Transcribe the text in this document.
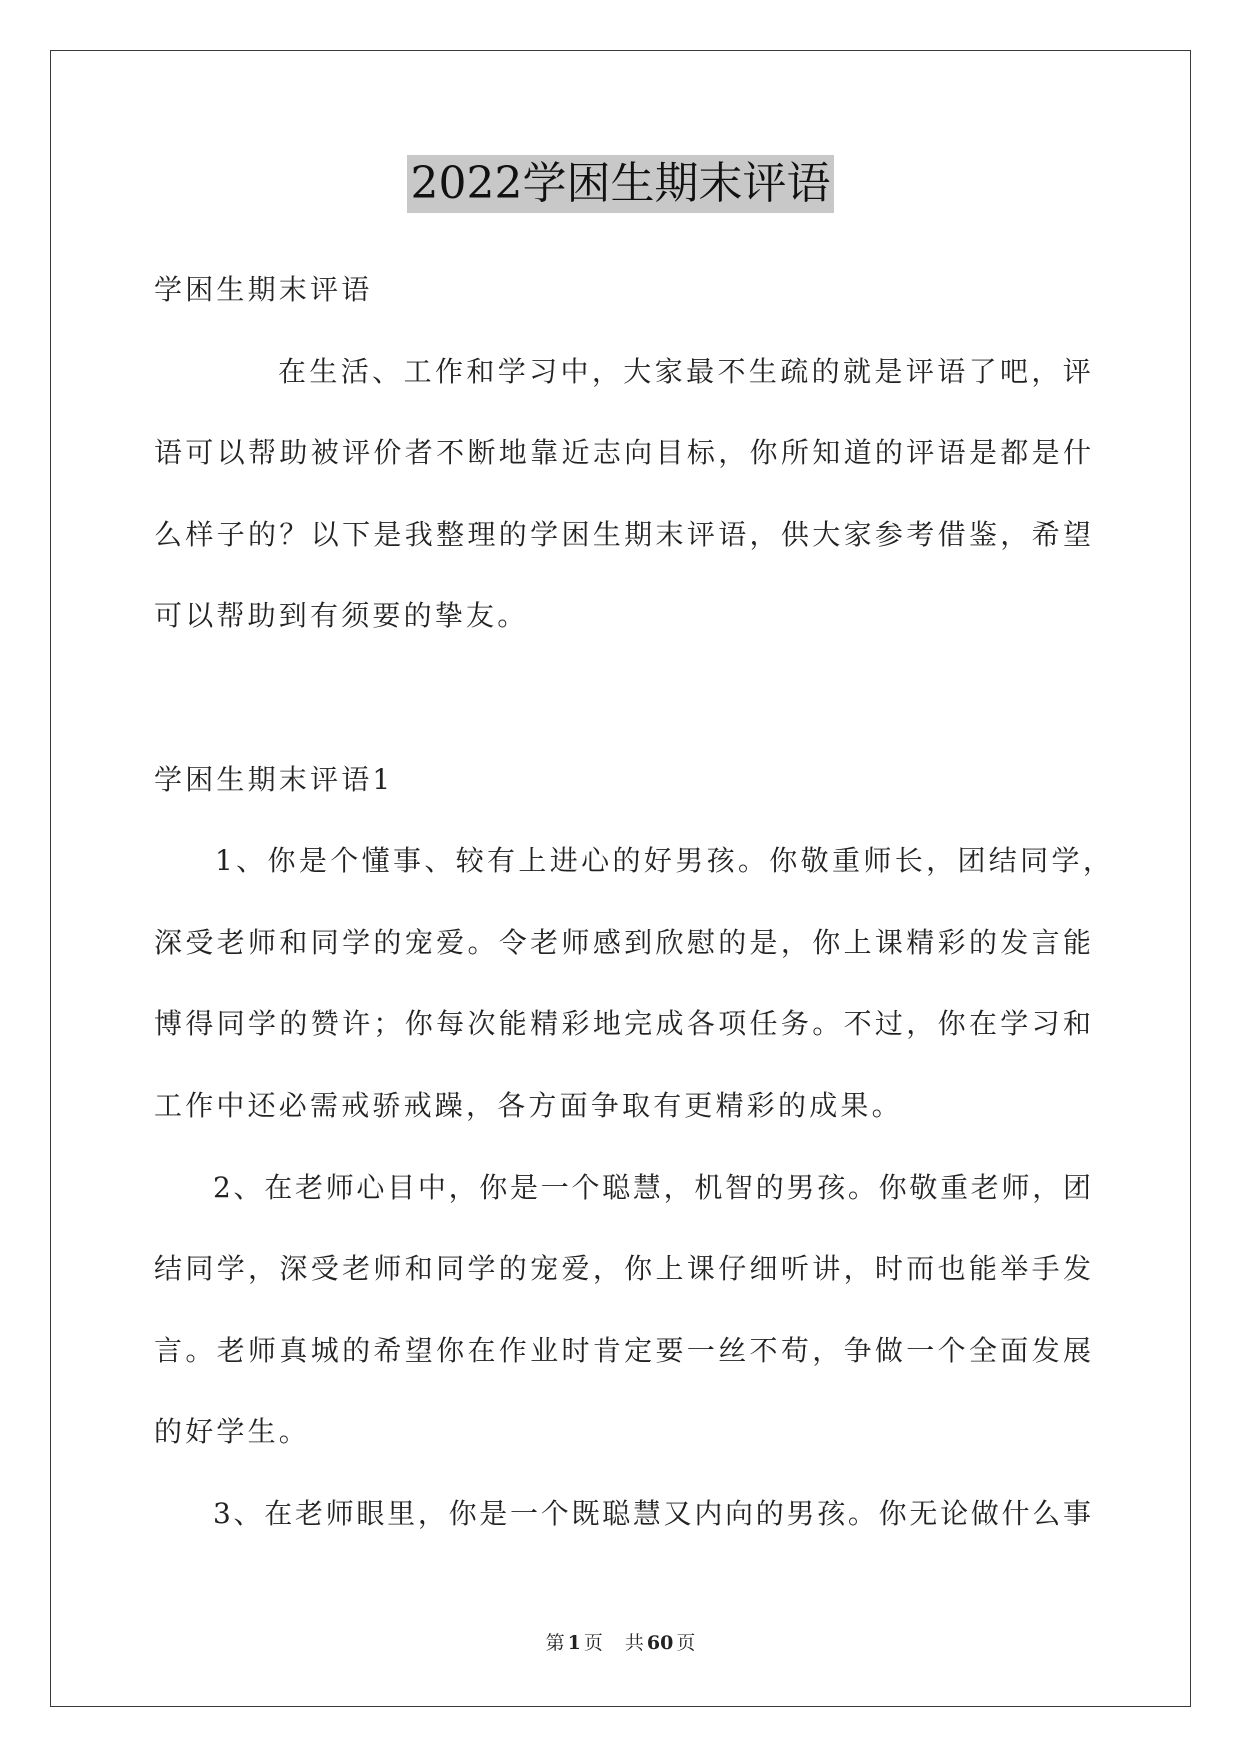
2022学困生期末评语
学困生期末评语
在 生 活 、 工 作 和 学 习 中 ， 大 家 最 不 生 疏 的 就 是 评 语 了 吧 ， 评
语 可 以 帮 助 被 评 价 者 不 断 地 靠 近 志 向 目 标 ， 你 所 知 道 的 评 语 是 都 是 什
么 样 子 的 ？ 以 下 是 我 整 理 的 学 困 生 期 末 评 语 ， 供 大 家 参 考 借 鉴 ， 希 望
可以帮助到有须要的挚友。
学困生期末评语1
1 、 你 是 个 懂 事 、 较 有 上 进 心 的 好 男 孩 。 你 敬 重 师 长 ， 团 结 同 学 ，
深 受 老 师 和 同 学 的 宠 爱 。 令 老 师 感 到 欣 慰 的 是 ， 你 上 课 精 彩 的 发 言 能
博 得 同 学 的 赞 许 ； 你 每 次 能 精 彩 地 完 成 各 项 任 务 。 不 过 ， 你 在 学 习 和
工作中还必需戒骄戒躁，各方面争取有更精彩的成果。
2 、 在 老 师 心 目 中 ， 你 是 一 个 聪 慧 ， 机 智 的 男 孩 。 你 敬 重 老 师 ， 团
结 同 学 ， 深 受 老 师 和 同 学 的 宠 爱 ， 你 上 课 仔 细 听 讲 ， 时 而 也 能 举 手 发
言 。 老 师 真 城 的 希 望 你 在 作 业 时 肯 定 要 一 丝 不 苟 ， 争 做 一 个 全 面 发 展
的好学生。
3 、 在 老 师 眼 里 ， 你 是 一 个 既 聪 慧 又 内 向 的 男 孩 。 你 无 论 做 什 么 事
第 1 页 共 60 页
